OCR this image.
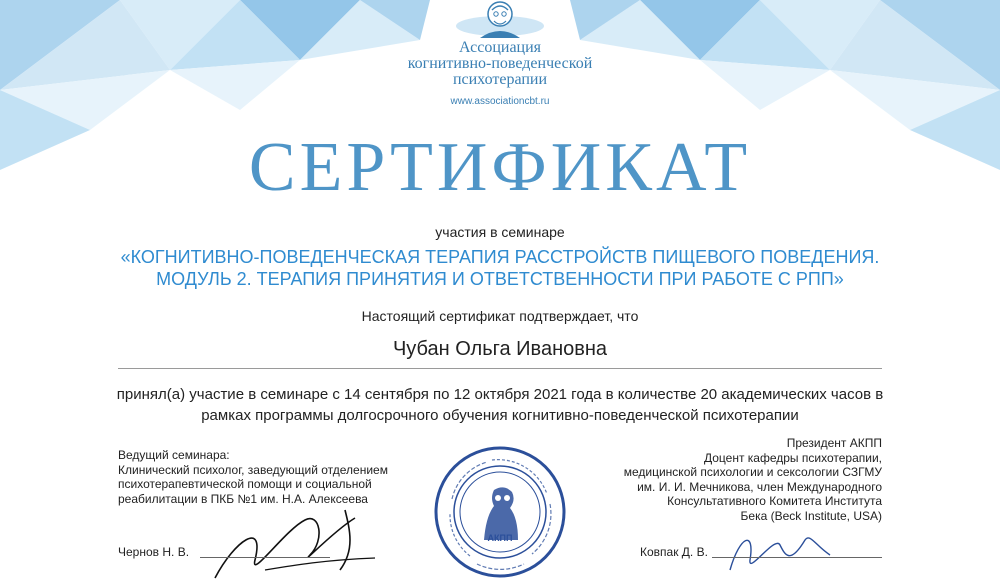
Ассоциация
когнитивно-поведенческой
психотерапии
www.associationcbt.ru
СЕРТИФИКАТ
участия в семинаре
«КОГНИТИВНО-ПОВЕДЕНЧЕСКАЯ ТЕРАПИЯ РАССТРОЙСТВ ПИЩЕВОГО ПОВЕДЕНИЯ.
МОДУЛЬ 2. ТЕРАПИЯ ПРИНЯТИЯ И ОТВЕТСТВЕННОСТИ ПРИ РАБОТЕ С РПП»
Настоящий сертификат подтверждает, что
Чубан Ольга Ивановна
принял(а) участие в семинаре с 14 сентября по 12 октября 2021 года в количестве 20 академических часов в
рамках программы долгосрочного обучения когнитивно-поведенческой психотерапии
Ведущий семинара:
Клинический психолог, заведующий отделением
психотерапевтической помощи и социальной
реабилитации в ПКБ №1 им. Н.А. Алексеева
Президент АКПП
Доцент кафедры психотерапии,
медицинской психологии и сексологии СЗГМУ
им. И. И. Мечникова, член Международного
Консультативного Комитета Института
Бека (Beck Institute, USA)
АКПП
Чернов Н. В.	Ковпак Д. В.
